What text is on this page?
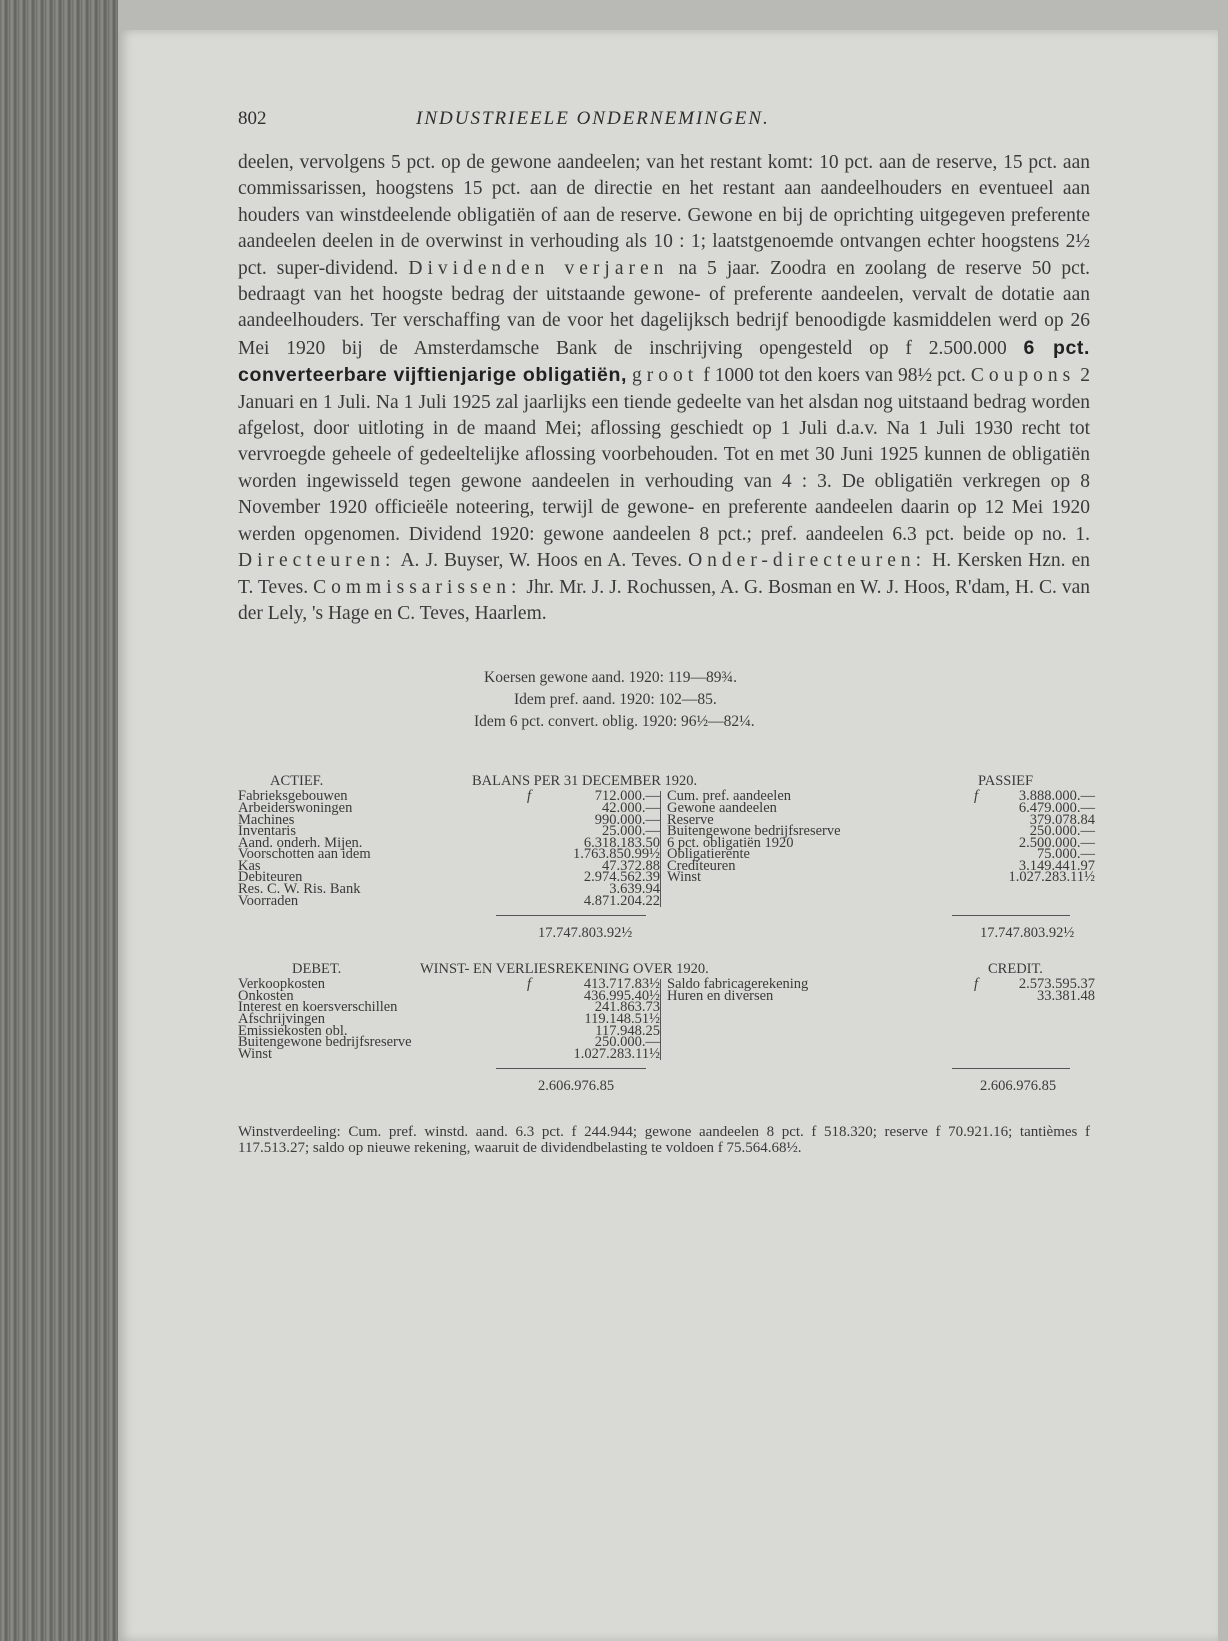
802	INDUSTRIEELE ONDERNEMINGEN.

deelen, vervolgens 5 pct. op de gewone aandeelen; van het restant komt: 10 pct. aan de reserve, 15 pct. aan commissarissen, hoogstens 15 pct. aan de directie en het restant aan aandeelhouders en eventueel aan houders van winstdeelende obligatiën of aan de reserve. Gewone en bij de oprichting uitgegeven preferente aandeelen deelen in de overwinst in verhouding als 10 : 1; laatstgenoemde ontvangen echter hoogstens 2½ pct. super-dividend. Dividenden verjaren na 5 jaar. Zoodra en zoolang de reserve 50 pct. bedraagt van het hoogste bedrag der uitstaande gewone- of preferente aandeelen, vervalt de dotatie aan aandeelhouders. Ter verschaffing van de voor het dagelijksch bedrijf benoodigde kasmiddelen werd op 26 Mei 1920 bij de Amsterdamsche Bank de inschrijving opengesteld op f 2.500.000 6 pct. converteerbare vijftienjarige obligatiën, groot f 1000 tot den koers van 98½ pct. Coupons 2 Januari en 1 Juli. Na 1 Juli 1925 zal jaarlijks een tiende gedeelte van het alsdan nog uitstaand bedrag worden afgelost, door uitloting in de maand Mei; aflossing geschiedt op 1 Juli d.a.v. Na 1 Juli 1930 recht tot vervroegde geheele of gedeeltelijke aflossing voorbehouden. Tot en met 30 Juni 1925 kunnen de obligatiën worden ingewisseld tegen gewone aandeelen in verhouding van 4 : 3. De obligatiën verkregen op 8 November 1920 officieële noteering, terwijl de gewone- en preferente aandeelen daarin op 12 Mei 1920 werden opgenomen. Dividend 1920: gewone aandeelen 8 pct.; pref. aandeelen 6.3 pct. beide op no. 1. Directeuren: A. J. Buyser, W. Hoos en A. Teves. Onder-directeuren: H. Kersken Hzn. en T. Teves. Commissarissen: Jhr. Mr. J. J. Rochussen, A. G. Bosman en W. J. Hoos, R'dam, H. C. van der Lely, 's Hage en C. Teves, Haarlem.

Koersen gewone aand. 1920: 119—89¾.
Idem pref. aand. 1920: 102—85.
Idem 6 pct. convert. oblig. 1920: 96½—82¼.
ACTIEF.	BALANS PER 31 DECEMBER 1920.	PASSIEF
Fabrieksgebouwen	f	712.000.—	Cum. pref. aandeelen	f	3.888.000.—
Arbeiderswoningen		42.000.—	Gewone aandeelen		6.479.000.—
Machines		990.000.—	Reserve		379.078.84
Inventaris		25.000.—	Buitengewone bedrijfsreserve		250.000.—
Aand. onderh. Mijen.		6.318.183.50	6 pct. obligatiën 1920		2.500.000.—
Voorschotten aan idem		1.763.850.99½	Obligatierente		75.000.—
Kas		47.372.88	Crediteuren		3.149.441.97
Debiteuren		2.974.562.39	Winst		1.027.283.11½
Res. C. W. Ris. Bank		3.639.94			
Voorraden		4.871.204.22			
17.747.803.92½	17.747.803.92½
DEBET.	WINST- EN VERLIESREKENING OVER 1920.	CREDIT.
Verkoopkosten	f	413.717.83½	Saldo fabricagerekening	f	2.573.595.37
Onkosten		436.995.40½	Huren en diversen		33.381.48
Interest en koersverschillen		241.863.73			
Afschrijvingen		119.148.51½			
Emissiekosten obl.		117.948.25			
Buitengewone bedrijfsreserve		250.000.—			
Winst		1.027.283.11½			
2.606.976.85	2.606.976.85
Winstverdeeling: Cum. pref. winstd. aand. 6.3 pct. f 244.944; gewone aandeelen 8 pct. f 518.320; reserve f 70.921.16; tantièmes f 117.513.27; saldo op nieuwe rekening, waaruit de dividendbelasting te voldoen f 75.564.68½.
